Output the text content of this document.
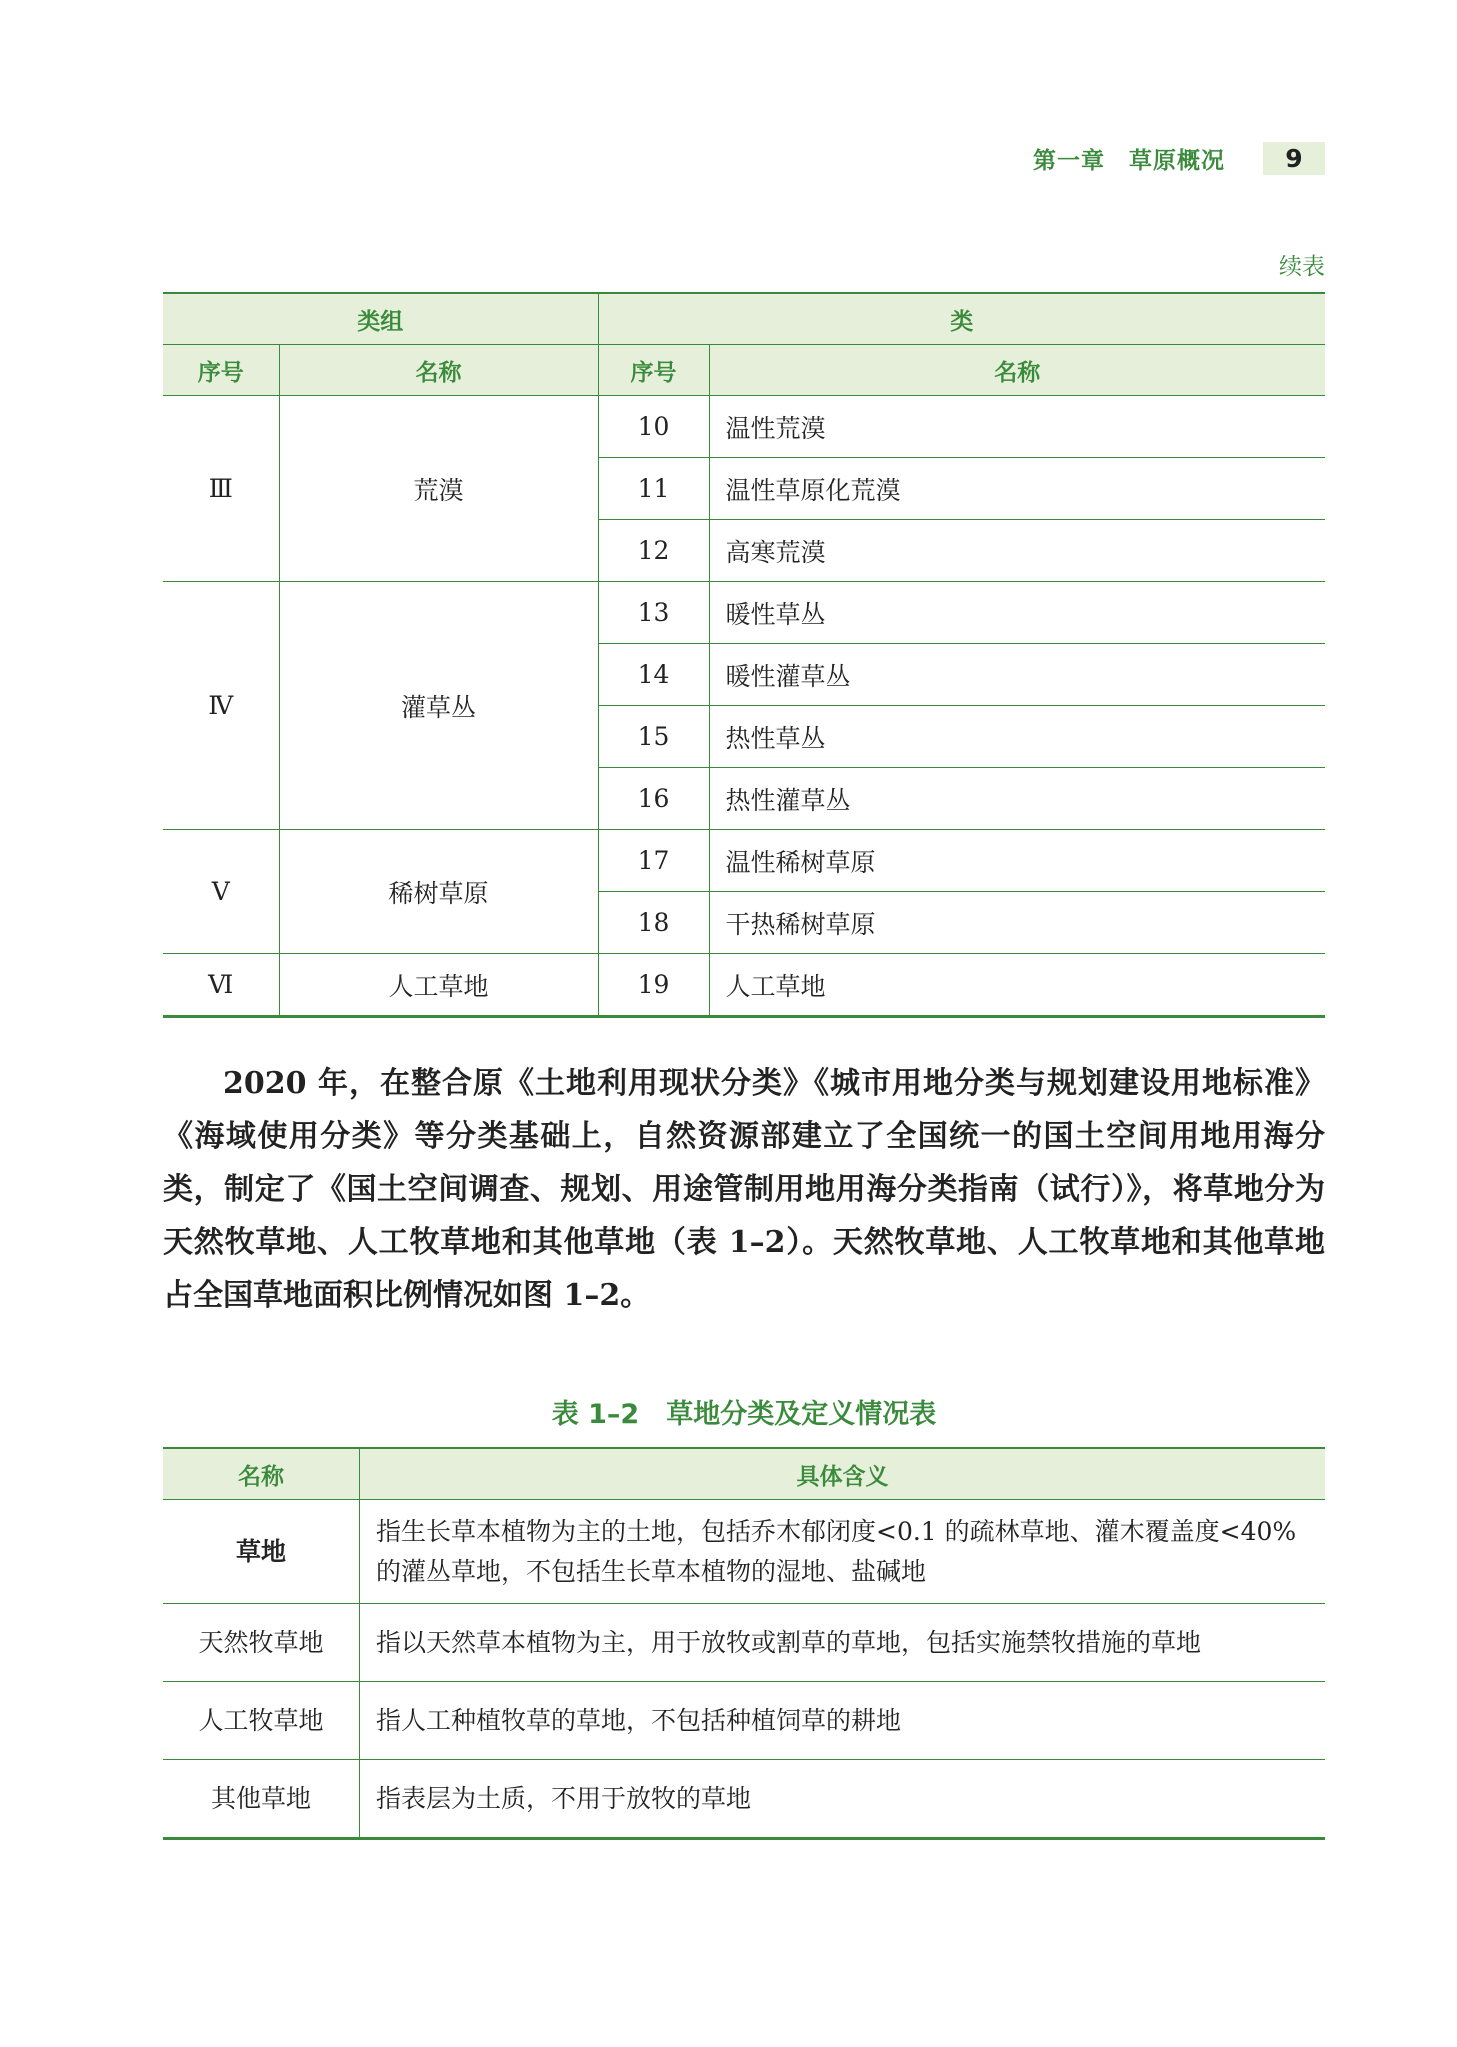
第一章　草原概况	9
续表
类组		类	
序号	名称	序号	名称
Ⅲ	荒漠	10	温性荒漠
		11	温性草原化荒漠
		12	高寒荒漠
Ⅳ	灌草丛	13	暖性草丛
		14	暖性灌草丛
		15	热性草丛
		16	热性灌草丛
Ⅴ	稀树草原	17	温性稀树草原
		18	干热稀树草原
Ⅵ	人工草地	19	人工草地

2020 年，在整合原《土地利用现状分类》《城市用地分类与规划建设用地标准》《海域使用分类》等分类基础上，自然资源部建立了全国统一的国土空间用地用海分类，制定了《国土空间调查、规划、用途管制用地用海分类指南（试行）》，将草地分为天然牧草地、人工牧草地和其他草地（表 1–2）。天然牧草地、人工牧草地和其他草地占全国草地面积比例情况如图 1–2。

表 1–2　草地分类及定义情况表
名称	具体含义
草地	指生长草本植物为主的土地，包括乔木郁闭度<0.1 的疏林草地、灌木覆盖度<40% 的灌丛草地，不包括生长草本植物的湿地、盐碱地
天然牧草地	指以天然草本植物为主，用于放牧或割草的草地，包括实施禁牧措施的草地
人工牧草地	指人工种植牧草的草地，不包括种植饲草的耕地
其他草地	指表层为土质，不用于放牧的草地
